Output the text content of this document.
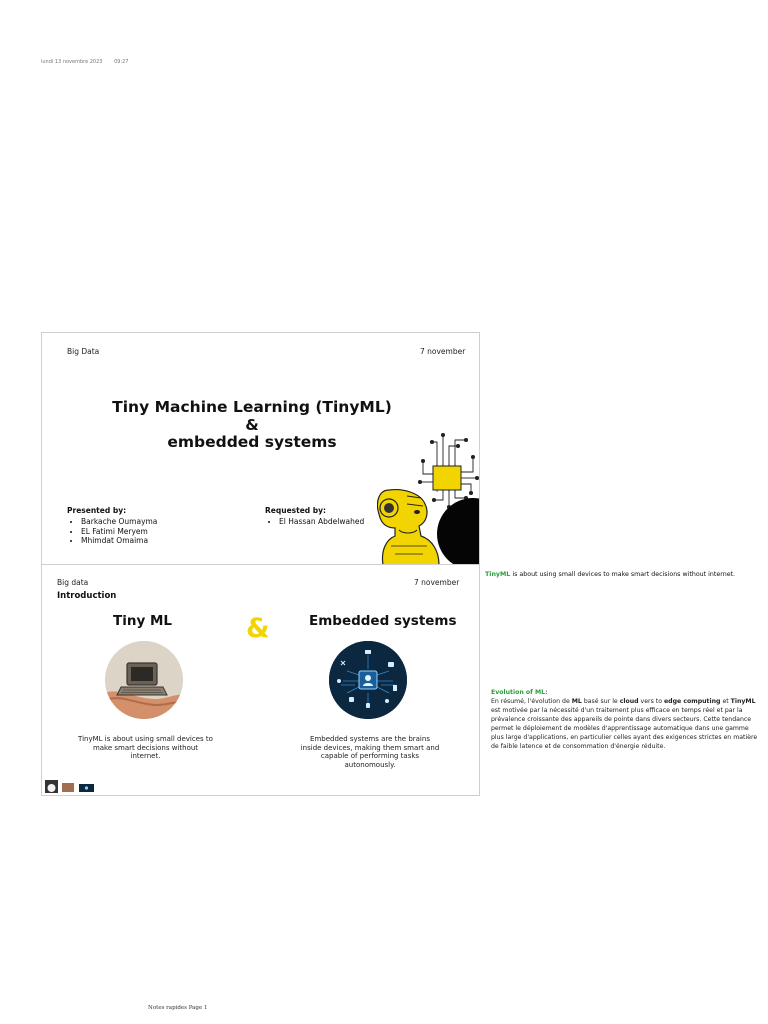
lundi 13 novembre 2023 09:27
Big Data	7 november
Tiny Machine Learning (TinyML)
&
embedded systems
Presented by:
• Barkache Oumayma
• EL Fatimi Meryem
• Mhimdat Omaima
Requested by:
• El Hassan Abdelwahed
Big data	7 november
Introduction
Tiny ML	&	Embedded systems
TinyML is about using small devices to make smart decisions without internet.
Embedded systems are the brains inside devices, making them smart and capable of performing tasks autonomously.
TinyML is about using small devices to make smart decisions without internet.
Evolution of ML:
En résumé, l'évolution de ML basé sur le cloud vers to edge computing et TinyML est motivée par la nécessité d'un traitement plus efficace en temps réel et par la prévalence croissante des appareils de pointe dans divers secteurs. Cette tendance permet le déploiement de modèles d'apprentissage automatique dans une gamme plus large d'applications, en particulier celles ayant des exigences strictes en matière de faible latence et de consommation d'énergie réduite.
Notes rapides Page 1
